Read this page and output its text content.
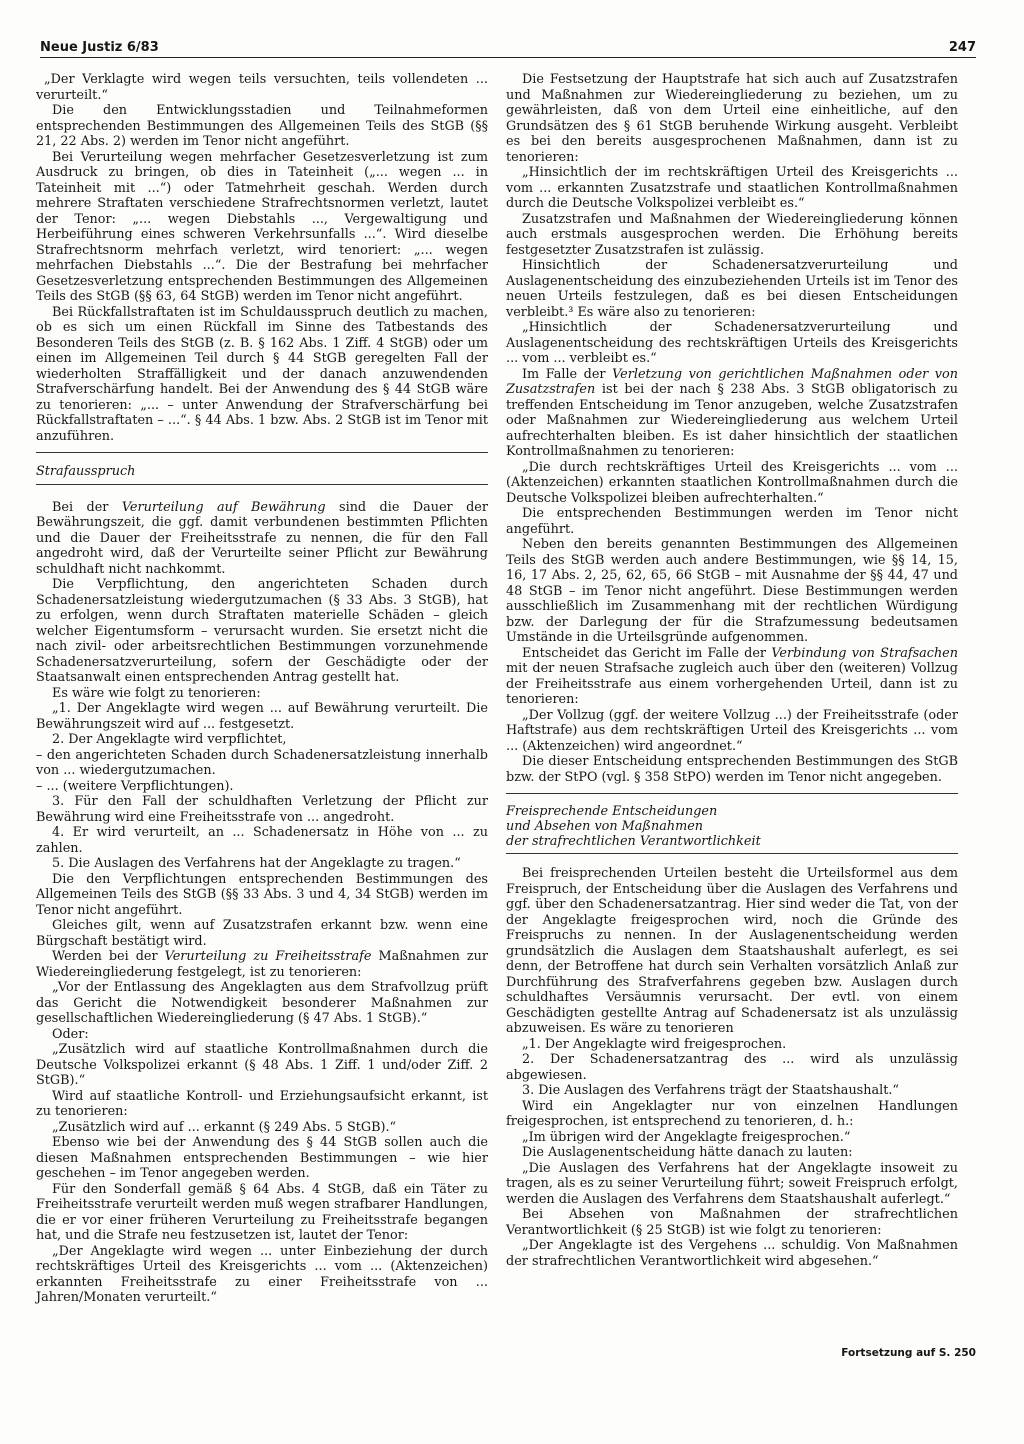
Neue Justiz 6/83	247

„Der Verklagte wird wegen teils versuchten, teils vollendeten ... verurteilt.“

Die den Entwicklungsstadien und Teilnahmeformen entsprechenden Bestimmungen des Allgemeinen Teils des StGB (§§ 21, 22 Abs. 2) werden im Tenor nicht angeführt.

Bei Verurteilung wegen mehrfacher Gesetzesverletzung ist zum Ausdruck zu bringen, ob dies in Tateinheit („... wegen ... in Tateinheit mit ...“) oder Tatmehrheit geschah. Werden durch mehrere Straftaten verschiedene Strafrechtsnormen verletzt, lautet der Tenor: „... wegen Diebstahls ..., Vergewaltigung und Herbeiführung eines schweren Verkehrsunfalls ...“. Wird dieselbe Strafrechtsnorm mehrfach verletzt, wird tenoriert: „... wegen mehrfachen Diebstahls ...“. Die der Bestrafung bei mehrfacher Gesetzesverletzung entsprechenden Bestimmungen des Allgemeinen Teils des StGB (§§ 63, 64 StGB) werden im Tenor nicht angeführt.

Bei Rückfallstraftaten ist im Schuldausspruch deutlich zu machen, ob es sich um einen Rückfall im Sinne des Tatbestands des Besonderen Teils des StGB (z. B. § 162 Abs. 1 Ziff. 4 StGB) oder um einen im Allgemeinen Teil durch § 44 StGB geregelten Fall der wiederholten Straffälligkeit und der danach anzuwendenden Strafverschärfung handelt. Bei der Anwendung des § 44 StGB wäre zu tenorieren: „... – unter Anwendung der Strafverschärfung bei Rückfallstraftaten – ...“. § 44 Abs. 1 bzw. Abs. 2 StGB ist im Tenor mit anzuführen.

Strafausspruch

Bei der Verurteilung auf Bewährung sind die Dauer der Bewährungszeit, die ggf. damit verbundenen bestimmten Pflichten und die Dauer der Freiheitsstrafe zu nennen, die für den Fall angedroht wird, daß der Verurteilte seiner Pflicht zur Bewährung schuldhaft nicht nachkommt.

Die Verpflichtung, den angerichteten Schaden durch Schadenersatzleistung wiedergutzumachen (§ 33 Abs. 3 StGB), hat zu erfolgen, wenn durch Straftaten materielle Schäden – gleich welcher Eigentumsform – verursacht wurden. Sie ersetzt nicht die nach zivil- oder arbeitsrechtlichen Bestimmungen vorzunehmende Schadenersatzverurteilung, sofern der Geschädigte oder der Staatsanwalt einen entsprechenden Antrag gestellt hat.

Es wäre wie folgt zu tenorieren:

„1. Der Angeklagte wird wegen ... auf Bewährung verurteilt. Die Bewährungszeit wird auf ... festgesetzt.

2. Der Angeklagte wird verpflichtet,

– den angerichteten Schaden durch Schadenersatzleistung innerhalb von ... wiedergutzumachen.

– ... (weitere Verpflichtungen).

3. Für den Fall der schuldhaften Verletzung der Pflicht zur Bewährung wird eine Freiheitsstrafe von ... angedroht.

4. Er wird verurteilt, an ... Schadenersatz in Höhe von ... zu zahlen.

5. Die Auslagen des Verfahrens hat der Angeklagte zu tragen.“

Die den Verpflichtungen entsprechenden Bestimmungen des Allgemeinen Teils des StGB (§§ 33 Abs. 3 und 4, 34 StGB) werden im Tenor nicht angeführt.

Gleiches gilt, wenn auf Zusatzstrafen erkannt bzw. wenn eine Bürgschaft bestätigt wird.

Werden bei der Verurteilung zu Freiheitsstrafe Maßnahmen zur Wiedereingliederung festgelegt, ist zu tenorieren:

„Vor der Entlassung des Angeklagten aus dem Strafvollzug prüft das Gericht die Notwendigkeit besonderer Maßnahmen zur gesellschaftlichen Wiedereingliederung (§ 47 Abs. 1 StGB).“

Oder:

„Zusätzlich wird auf staatliche Kontrollmaßnahmen durch die Deutsche Volkspolizei erkannt (§ 48 Abs. 1 Ziff. 1 und/oder Ziff. 2 StGB).“

Wird auf staatliche Kontroll- und Erziehungsaufsicht erkannt, ist zu tenorieren:

„Zusätzlich wird auf ... erkannt (§ 249 Abs. 5 StGB).“

Ebenso wie bei der Anwendung des § 44 StGB sollen auch die diesen Maßnahmen entsprechenden Bestimmungen – wie hier geschehen – im Tenor angegeben werden.

Für den Sonderfall gemäß § 64 Abs. 4 StGB, daß ein Täter zu Freiheitsstrafe verurteilt werden muß wegen strafbarer Handlungen, die er vor einer früheren Verurteilung zu Freiheitsstrafe begangen hat, und die Strafe neu festzusetzen ist, lautet der Tenor:

„Der Angeklagte wird wegen ... unter Einbeziehung der durch rechtskräftiges Urteil des Kreisgerichts ... vom ... (Aktenzeichen) erkannten Freiheitsstrafe zu einer Freiheitsstrafe von ... Jahren/Monaten verurteilt.“

Die Festsetzung der Hauptstrafe hat sich auch auf Zusatzstrafen und Maßnahmen zur Wiedereingliederung zu beziehen, um zu gewährleisten, daß von dem Urteil eine einheitliche, auf den Grundsätzen des § 61 StGB beruhende Wirkung ausgeht. Verbleibt es bei den bereits ausgesprochenen Maßnahmen, dann ist zu tenorieren:

„Hinsichtlich der im rechtskräftigen Urteil des Kreisgerichts ... vom ... erkannten Zusatzstrafe und staatlichen Kontrollmaßnahmen durch die Deutsche Volkspolizei verbleibt es.“

Zusatzstrafen und Maßnahmen der Wiedereingliederung können auch erstmals ausgesprochen werden. Die Erhöhung bereits festgesetzter Zusatzstrafen ist zulässig.

Hinsichtlich der Schadenersatzverurteilung und Auslagenentscheidung des einzubeziehenden Urteils ist im Tenor des neuen Urteils festzulegen, daß es bei diesen Entscheidungen verbleibt.³ Es wäre also zu tenorieren:

„Hinsichtlich der Schadenersatzverurteilung und Auslagenentscheidung des rechtskräftigen Urteils des Kreisgerichts ... vom ... verbleibt es.“

Im Falle der Verletzung von gerichtlichen Maßnahmen oder von Zusatzstrafen ist bei der nach § 238 Abs. 3 StGB obligatorisch zu treffenden Entscheidung im Tenor anzugeben, welche Zusatzstrafen oder Maßnahmen zur Wiedereingliederung aus welchem Urteil aufrechterhalten bleiben. Es ist daher hinsichtlich der staatlichen Kontrollmaßnahmen zu tenorieren:

„Die durch rechtskräftiges Urteil des Kreisgerichts ... vom ... (Aktenzeichen) erkannten staatlichen Kontrollmaßnahmen durch die Deutsche Volkspolizei bleiben aufrechterhalten.“

Die entsprechenden Bestimmungen werden im Tenor nicht angeführt.

Neben den bereits genannten Bestimmungen des Allgemeinen Teils des StGB werden auch andere Bestimmungen, wie §§ 14, 15, 16, 17 Abs. 2, 25, 62, 65, 66 StGB – mit Ausnahme der §§ 44, 47 und 48 StGB – im Tenor nicht angeführt. Diese Bestimmungen werden ausschließlich im Zusammenhang mit der rechtlichen Würdigung bzw. der Darlegung der für die Strafzumessung bedeutsamen Umstände in die Urteilsgründe aufgenommen.

Entscheidet das Gericht im Falle der Verbindung von Strafsachen mit der neuen Strafsache zugleich auch über den (weiteren) Vollzug der Freiheitsstrafe aus einem vorhergehenden Urteil, dann ist zu tenorieren:

„Der Vollzug (ggf. der weitere Vollzug ...) der Freiheitsstrafe (oder Haftstrafe) aus dem rechtskräftigen Urteil des Kreisgerichts ... vom ... (Aktenzeichen) wird angeordnet.“

Die dieser Entscheidung entsprechenden Bestimmungen des StGB bzw. der StPO (vgl. § 358 StPO) werden im Tenor nicht angegeben.

Freisprechende Entscheidungen
und Absehen von Maßnahmen
der strafrechtlichen Verantwortlichkeit

Bei freisprechenden Urteilen besteht die Urteilsformel aus dem Freispruch, der Entscheidung über die Auslagen des Verfahrens und ggf. über den Schadenersatzantrag. Hier sind weder die Tat, von der der Angeklagte freigesprochen wird, noch die Gründe des Freispruchs zu nennen. In der Auslagenentscheidung werden grundsätzlich die Auslagen dem Staatshaushalt auferlegt, es sei denn, der Betroffene hat durch sein Verhalten vorsätzlich Anlaß zur Durchführung des Strafverfahrens gegeben bzw. Auslagen durch schuldhaftes Versäumnis verursacht. Der evtl. von einem Geschädigten gestellte Antrag auf Schadenersatz ist als unzulässig abzuweisen. Es wäre zu tenorieren

„1. Der Angeklagte wird freigesprochen.

2. Der Schadenersatzantrag des ... wird als unzulässig abgewiesen.

3. Die Auslagen des Verfahrens trägt der Staatshaushalt.“

Wird ein Angeklagter nur von einzelnen Handlungen freigesprochen, ist entsprechend zu tenorieren, d. h.:

„Im übrigen wird der Angeklagte freigesprochen.“

Die Auslagenentscheidung hätte danach zu lauten:

„Die Auslagen des Verfahrens hat der Angeklagte insoweit zu tragen, als es zu seiner Verurteilung führt; soweit Freispruch erfolgt, werden die Auslagen des Verfahrens dem Staatshaushalt auferlegt.“

Bei Absehen von Maßnahmen der strafrechtlichen Verantwortlichkeit (§ 25 StGB) ist wie folgt zu tenorieren:

„Der Angeklagte ist des Vergehens ... schuldig. Von Maßnahmen der strafrechtlichen Verantwortlichkeit wird abgesehen.“

Fortsetzung auf S. 250
